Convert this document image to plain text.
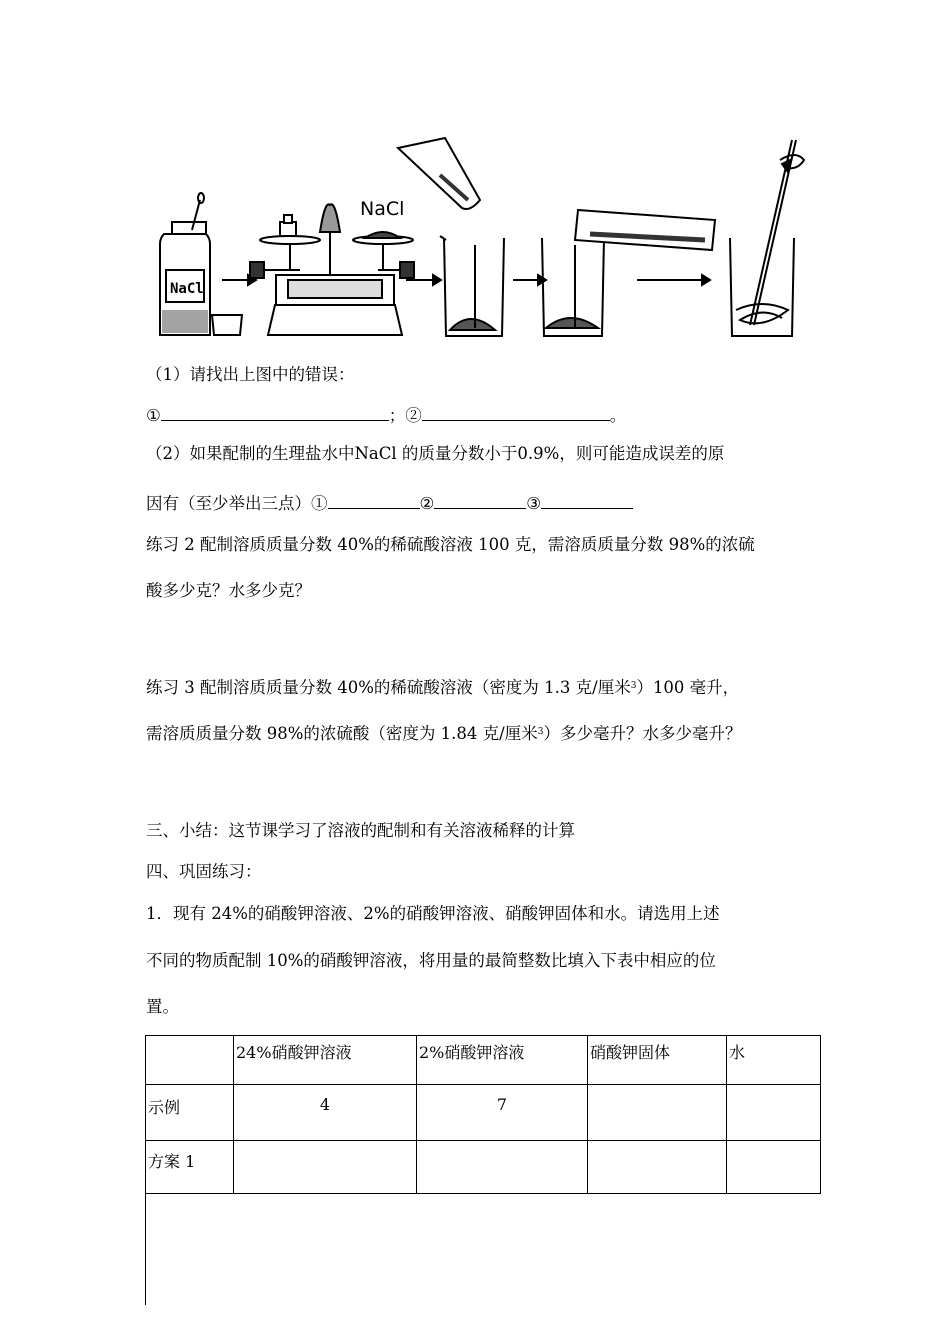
NaCl
NaCl
（1）请找出上图中的错误：
①	；②	。
（2）如果配制的生理盐水中NaCl 的质量分数小于0.9%，则可能造成误差的原
因有（至少举出三点）①	②	③
练习 2 配制溶质质量分数 40%的稀硫酸溶液 100 克，需溶质质量分数 98%的浓硫
酸多少克？水多少克？
练习 3 配制溶质质量分数 40%的稀硫酸溶液（密度为 1.3 克/厘米$^3$）100 毫升，
需溶质质量分数 98%的浓硫酸（密度为 1.84 克/厘米$^3$）多少毫升？水多少毫升？
三、小结：这节课学习了溶液的配制和有关溶液稀释的计算
四、巩固练习：
1．现有 24%的硝酸钾溶液、2%的硝酸钾溶液、硝酸钾固体和水。请选用上述
不同的物质配制 10%的硝酸钾溶液，将用量的最简整数比填入下表中相应的位
置。
	24%硝酸钾溶液	2%硝酸钾溶液	硝酸钾固体	水
示例	4	7		
方案 1				
